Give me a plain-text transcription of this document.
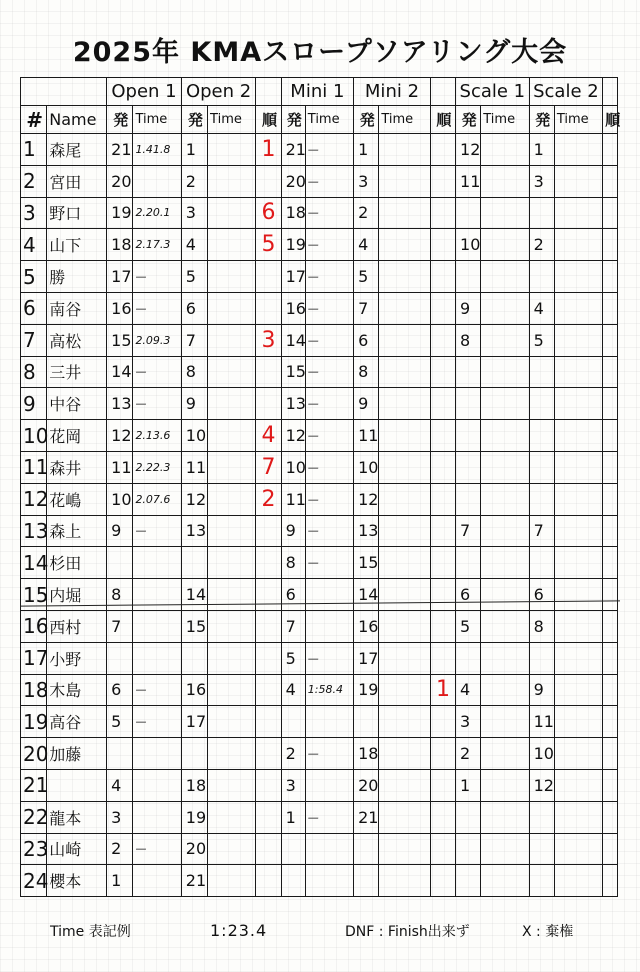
2025年 KMAスロープソアリング大会
		Open 1		Open 2			Mini 1		Mini 2			Scale 1		Scale 2		
#	Name	発	Time	発	Time	順	発	Time	発	Time	順	発	Time	発	Time	順
1	森尾	21	1.41.8	1		1	21	—	1			12		1		
2	宮田	20		2			20	—	3			11		3		
3	野口	19	2.20.1	3		6	18	—	2							
4	山下	18	2.17.3	4		5	19	—	4			10		2		
5	勝	17	—	5			17	—	5							
6	南谷	16	—	6			16	—	7			9		4		
7	高松	15	2.09.3	7		3	14	—	6			8		5		
8	三井	14	—	8			15	—	8							
9	中谷	13	—	9			13	—	9							
10	花岡	12	2.13.6	10		4	12	—	11							
11	森井	11	2.22.3	11		7	10	—	10							
12	花嶋	10	2.07.6	12		2	11	—	12							
13	森上	9	—	13			9	—	13			7		7		
14	杉田						8	—	15							
15	内堀	8		14			6		14			6		6		
16	西村	7		15			7		16			5		8		
17	小野						5	—	17							
18	木島	6	—	16			4	1:58.4	19		1	4		9		
19	高谷	5	—	17								3		11		
20	加藤						2	—	18			2		10		
21		4		18			3		20			1		12		
22	龍本	3		19			1	—	21							
23	山崎	2	—	20												
24	櫻本	1		21												
Time 表記例	1:23.4	DNF : Finish出来ず	X : 棄権
